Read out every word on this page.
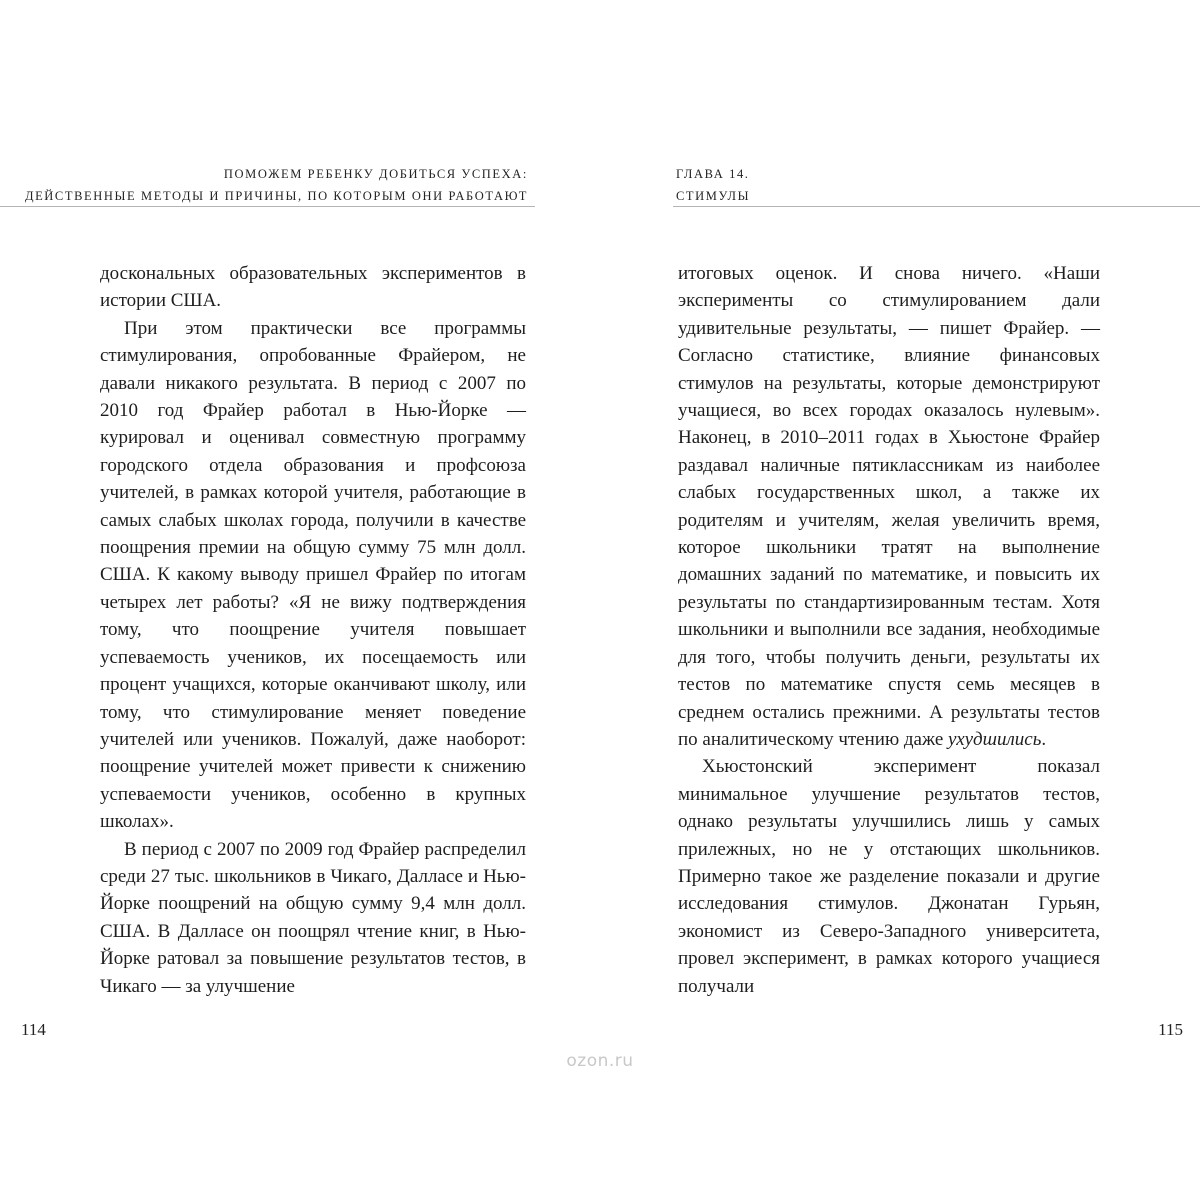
ПОМОЖЕМ РЕБЕНКУ ДОБИТЬСЯ УСПЕХА:
ДЕЙСТВЕННЫЕ МЕТОДЫ И ПРИЧИНЫ, ПО КОТОРЫМ ОНИ РАБОТАЮТ

доскональных образовательных экспериментов в истории США.

При этом практически все программы стимулирования, опробованные Фрайером, не давали никакого результата. В период с 2007 по 2010 год Фрайер работал в Нью-Йорке — курировал и оценивал совместную программу городского отдела образования и профсоюза учителей, в рамках которой учителя, работающие в самых слабых школах города, получили в качестве поощрения премии на общую сумму 75 млн долл. США. К какому выводу пришел Фрайер по итогам четырех лет работы? «Я не вижу подтверждения тому, что поощрение учителя повышает успеваемость учеников, их посещаемость или процент учащихся, которые оканчивают школу, или тому, что стимулирование меняет поведение учителей или учеников. Пожалуй, даже наоборот: поощрение учителей может привести к снижению успеваемости учеников, особенно в крупных школах».

В период с 2007 по 2009 год Фрайер распределил среди 27 тыс. школьников в Чикаго, Далласе и Нью-Йорке поощрений на общую сумму 9,4 млн долл. США. В Далласе он поощрял чтение книг, в Нью-Йорке ратовал за повышение результатов тестов, в Чикаго — за улучшение

114
ГЛАВА 14.
СТИМУЛЫ

итоговых оценок. И снова ничего. «Наши эксперименты со стимулированием дали удивительные результаты, — пишет Фрайер. — Согласно статистике, влияние финансовых стимулов на результаты, которые демонстрируют учащиеся, во всех городах оказалось нулевым». Наконец, в 2010–2011 годах в Хьюстоне Фрайер раздавал наличные пятиклассникам из наиболее слабых государственных школ, а также их родителям и учителям, желая увеличить время, которое школьники тратят на выполнение домашних заданий по математике, и повысить их результаты по стандартизированным тестам. Хотя школьники и выполнили все задания, необходимые для того, чтобы получить деньги, результаты их тестов по математике спустя семь месяцев в среднем остались прежними. А результаты тестов по аналитическому чтению даже ухудшились.

Хьюстонский эксперимент показал минимальное улучшение результатов тестов, однако результаты улучшились лишь у самых прилежных, но не у отстающих школьников. Примерно такое же разделение показали и другие исследования стимулов. Джонатан Гурьян, экономист из Северо-Западного университета, провел эксперимент, в рамках которого учащиеся получали

115
ozon.ru
